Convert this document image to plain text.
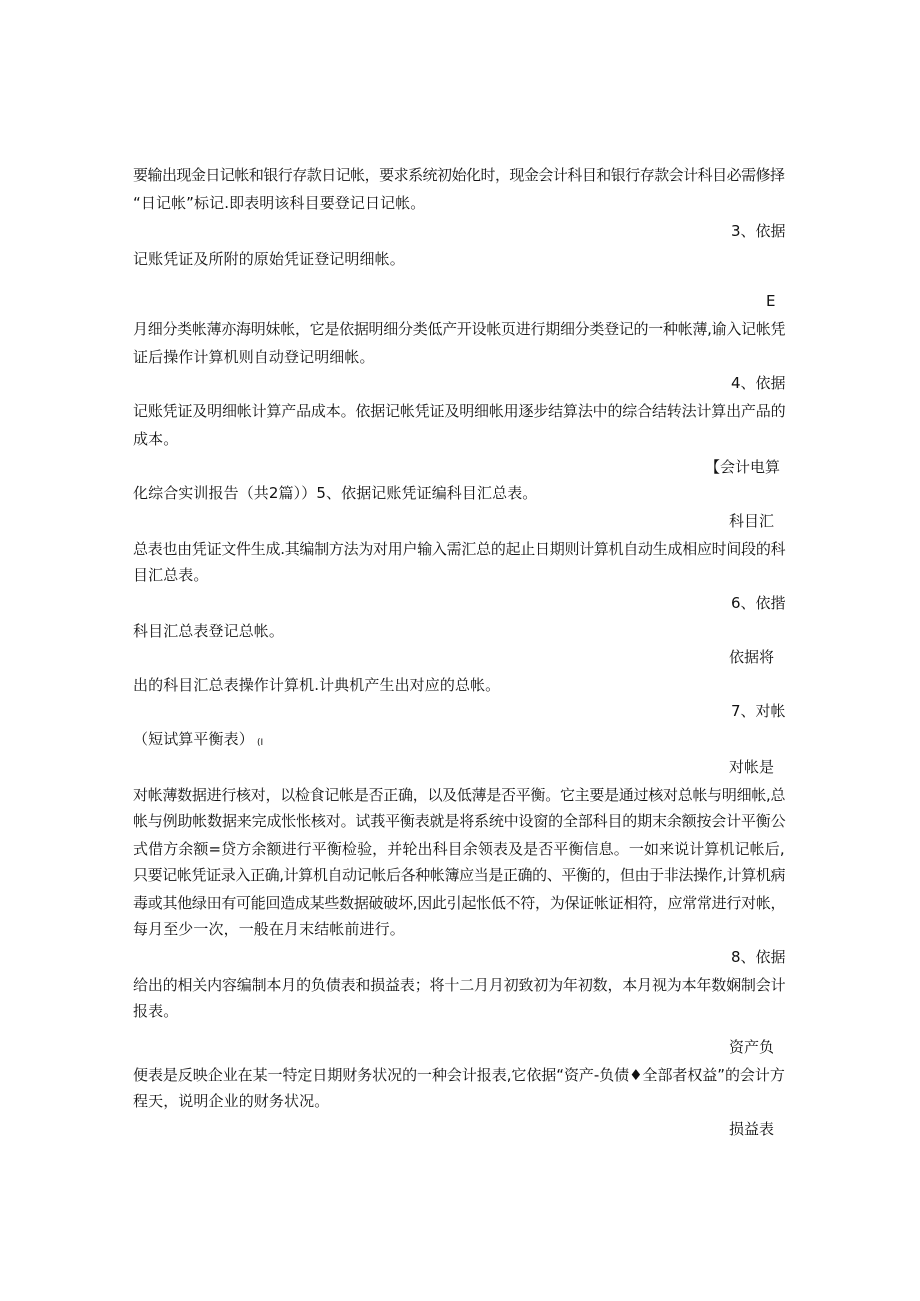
要输出现金日记帐和银行存款日记帐，要求系统初始化时，现金会计科目和银行存款会计科目必需修择
“日记帐”标记.即表明该科目要登记日记帐。
3、依据
记账凭证及所附的原始凭证登记明细帐。
E
月细分类帐薄亦海明妹帐，它是依据明细分类低产开设帐页进行期细分类登记的一种帐薄,谕入记帐凭
证后操作计算机则自动登记明细帐。
4、依据
记账凭证及明细帐计算产品成本。依据记帐凭证及明细帐用逐步结算法中的综合结转法计算出产品的
成本。
【会计电算
化综合实训报告（共2篇））5、依据记账凭证编科目汇总表。
科目汇
总表也由凭证文件生成.其编制方法为对用户输入需汇总的起止日期则计算机自动生成相应时间段的科
目汇总表。
6、依揩
科目汇总表登记总帐。
依据将
出的科目汇总表操作计算机.计典机产生出对应的总帐。
7、对帐
（短试算平衡表） (I
对帐是
对帐薄数据进行核对，以检食记帐是否正确，以及低薄是否平衡。它主要是通过核对总帐与明细帐,总
帐与例助帐数据来完成怅怅核对。试莪平衡表就是将系统中设窗的全部科目的期末余额按会计平衡公
式借方余额=贷方余额进行平衡检验，并轮出科目余领表及是否平衡信息。一如来说计算机记帐后,
只要记帐凭证录入正确,计算机自动记帐后各种帐簿应当是正确的、平衡的，但由于非法操作,计算机病
毒或其他绿田有可能回造成某些数据破破坏,因此引起怅低不符，为保证帐证相符，应常常进行对帐，
每月至少一次，一般在月末结帐前进行。
8、依据
给出的相关内容编制本月的负债表和损益表；将十二月月初致初为年初数，本月视为本年数娴制会计
报表。
资产负
便表是反映企业在某一特定日期财务状况的一种会计报表,它依据“资产-负债♦全部者权益”的会计方
程天，说明企业的财务状况。
损益表
